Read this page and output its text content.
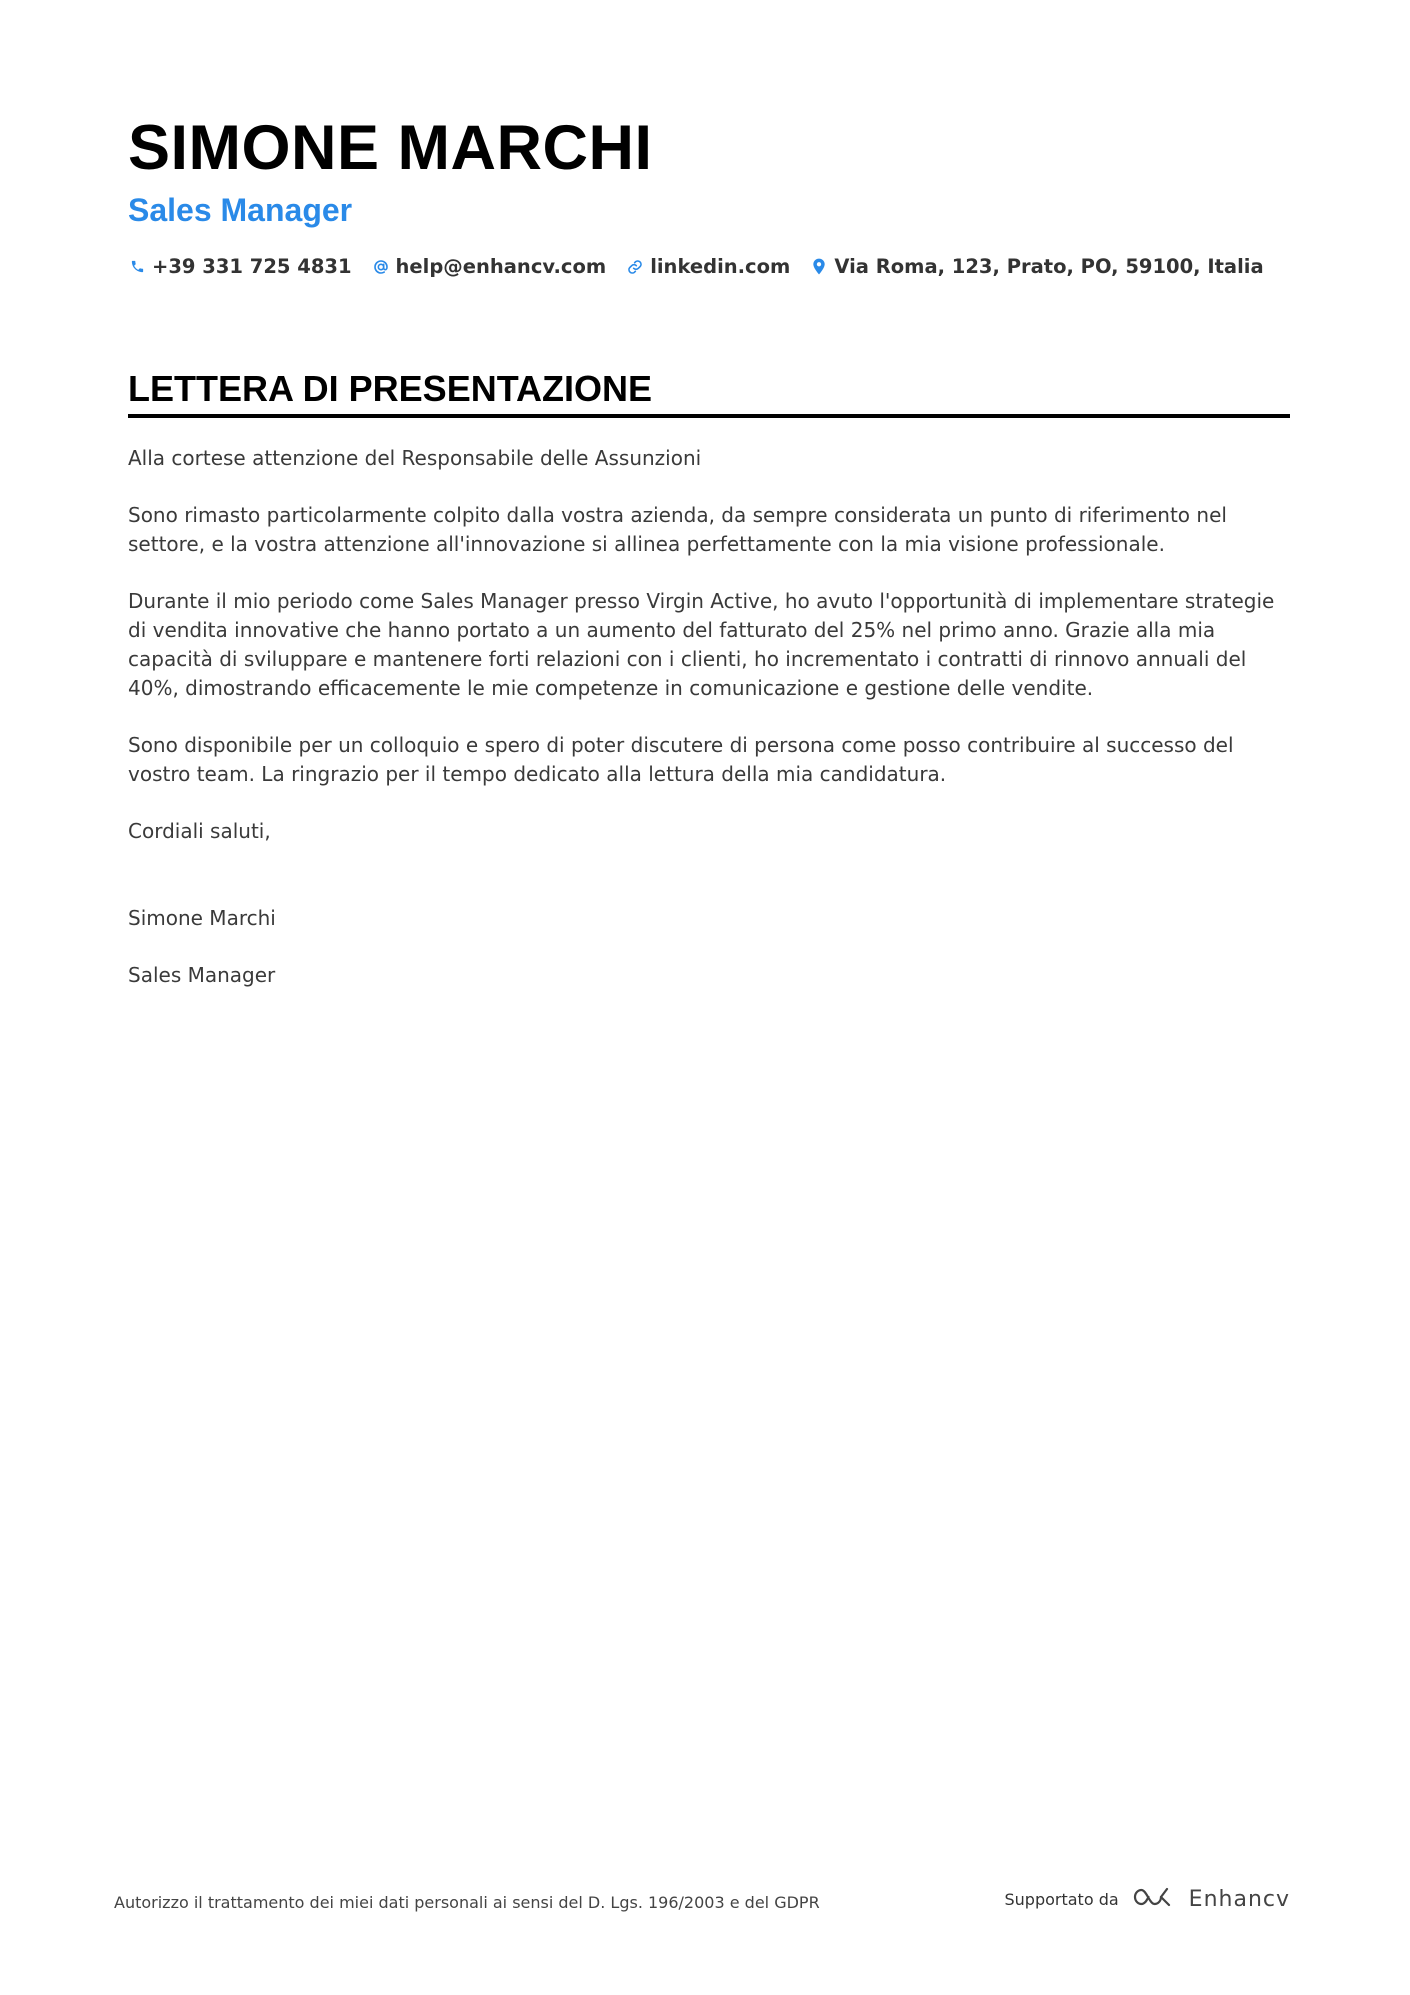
SIMONE MARCHI
Sales Manager
+39 331 725 4831 help@enhancv.com linkedin.com Via Roma, 123, Prato, PO, 59100, Italia
LETTERA DI PRESENTAZIONE

Alla cortese attenzione del Responsabile delle Assunzioni

Sono rimasto particolarmente colpito dalla vostra azienda, da sempre considerata un punto di riferimento nel settore, e la vostra attenzione all'innovazione si allinea perfettamente con la mia visione professionale.

Durante il mio periodo come Sales Manager presso Virgin Active, ho avuto l'opportunità di implementare strategie di vendita innovative che hanno portato a un aumento del fatturato del 25% nel primo anno. Grazie alla mia capacità di sviluppare e mantenere forti relazioni con i clienti, ho incrementato i contratti di rinnovo annuali del 40%, dimostrando efficacemente le mie competenze in comunicazione e gestione delle vendite.

Sono disponibile per un colloquio e spero di poter discutere di persona come posso contribuire al successo del vostro team. La ringrazio per il tempo dedicato alla lettura della mia candidatura.

Cordiali saluti,

Simone Marchi

Sales Manager

Autorizzo il trattamento dei miei dati personali ai sensi del D. Lgs. 196/2003 e del GDPR	Supportato da	Enhancv
